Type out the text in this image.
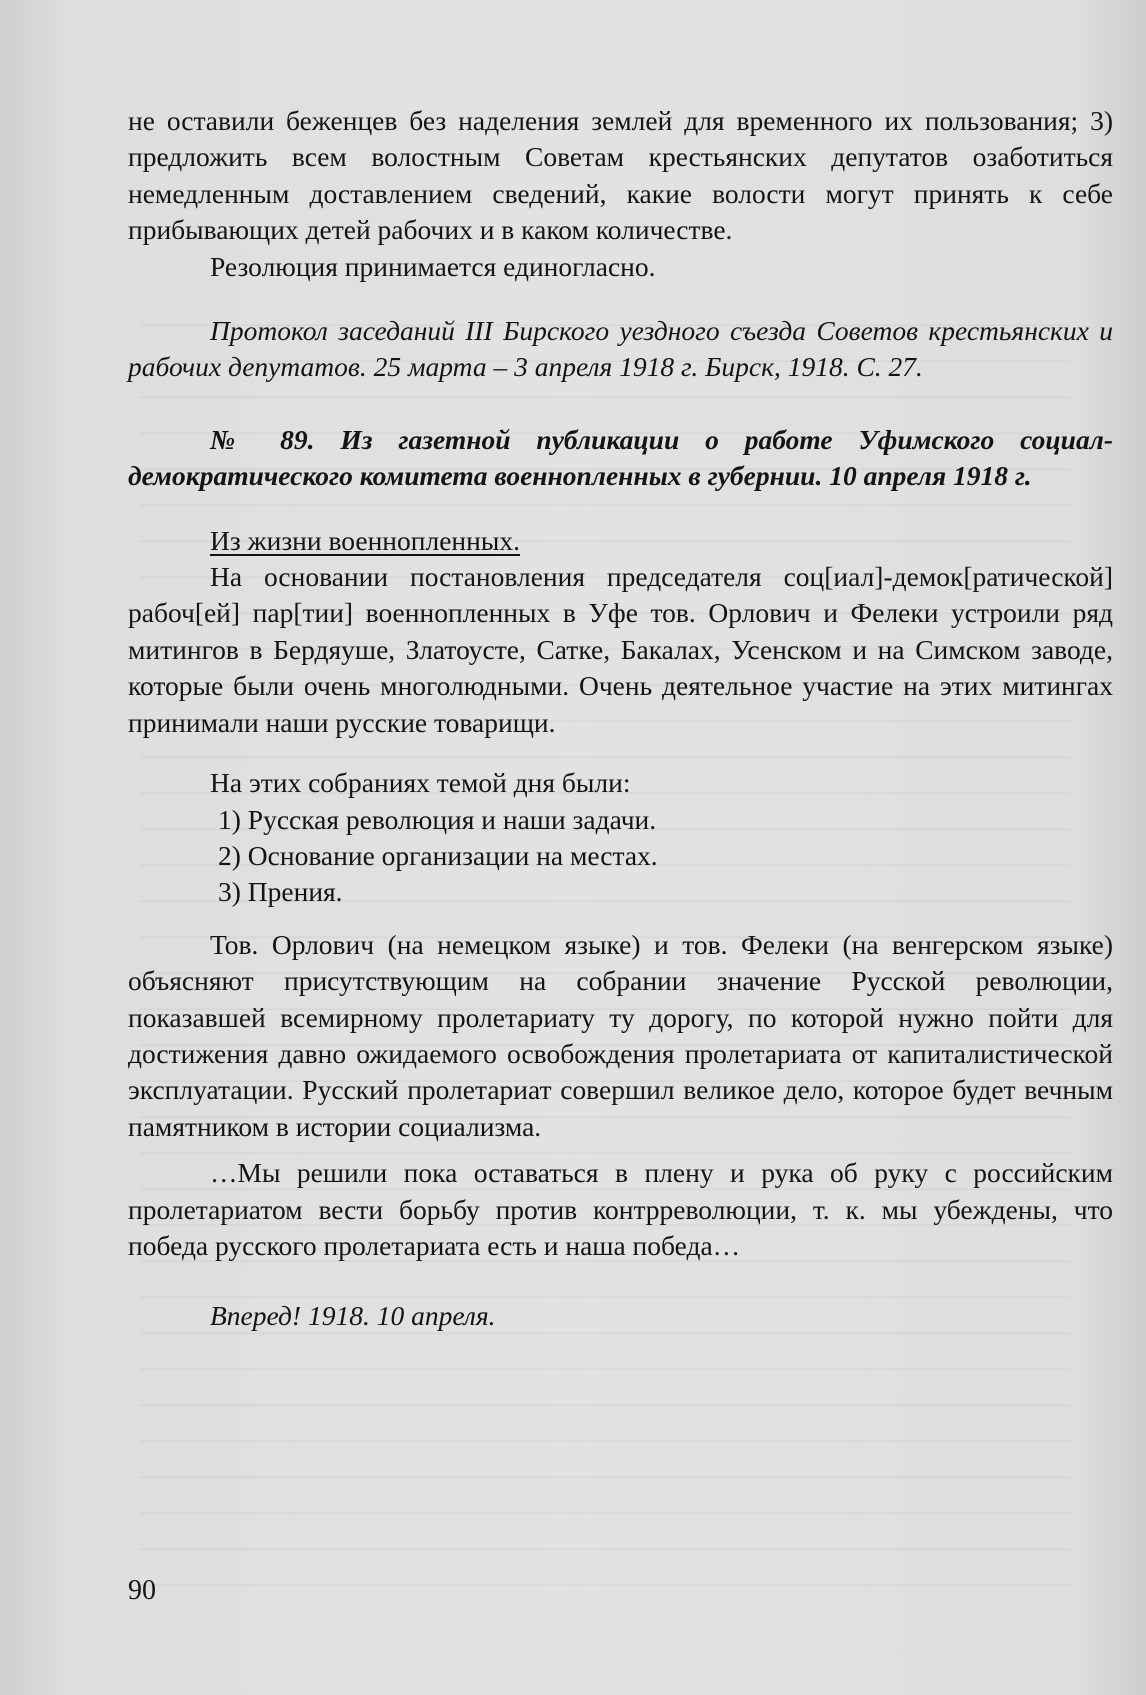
не оставили беженцев без наделения землей для временного их пользования; 3) предложить всем волостным Советам крестьянских депутатов озаботиться немедленным доставлением сведений, какие волости могут принять к себе прибывающих детей рабочих и в каком количестве.

Резолюция принимается единогласно.

Протокол заседаний III Бирского уездного съезда Советов крестьянских и рабочих депутатов. 25 марта – 3 апреля 1918 г. Бирск, 1918. С. 27.

№ 89. Из газетной публикации о работе Уфимского социал-демократического комитета военнопленных в губернии. 10 апреля 1918 г.

Из жизни военнопленных.

На основании постановления председателя соц[иал]-демок[ратической] рабоч[ей] пар[тии] военнопленных в Уфе тов. Орлович и Фелеки устроили ряд митингов в Бердяуше, Златоусте, Сатке, Бакалах, Усенском и на Симском заводе, которые были очень многолюдными. Очень деятельное участие на этих митингах принимали наши русские товарищи.

На этих собраниях темой дня были:

1) Русская революция и наши задачи.

2) Основание организации на местах.

3) Прения.

Тов. Орлович (на немецком языке) и тов. Фелеки (на венгерском языке) объясняют присутствующим на собрании значение Русской революции, показавшей всемирному пролетариату ту дорогу, по которой нужно пойти для достижения давно ожидаемого освобождения пролетариата от капиталистической эксплуатации. Русский пролетариат совершил великое дело, которое будет вечным памятником в истории социализма.

…Мы решили пока оставаться в плену и рука об руку с российским пролетариатом вести борьбу против контрреволюции, т. к. мы убеждены, что победа русского пролетариата есть и наша победа…

Вперед! 1918. 10 апреля.

90
